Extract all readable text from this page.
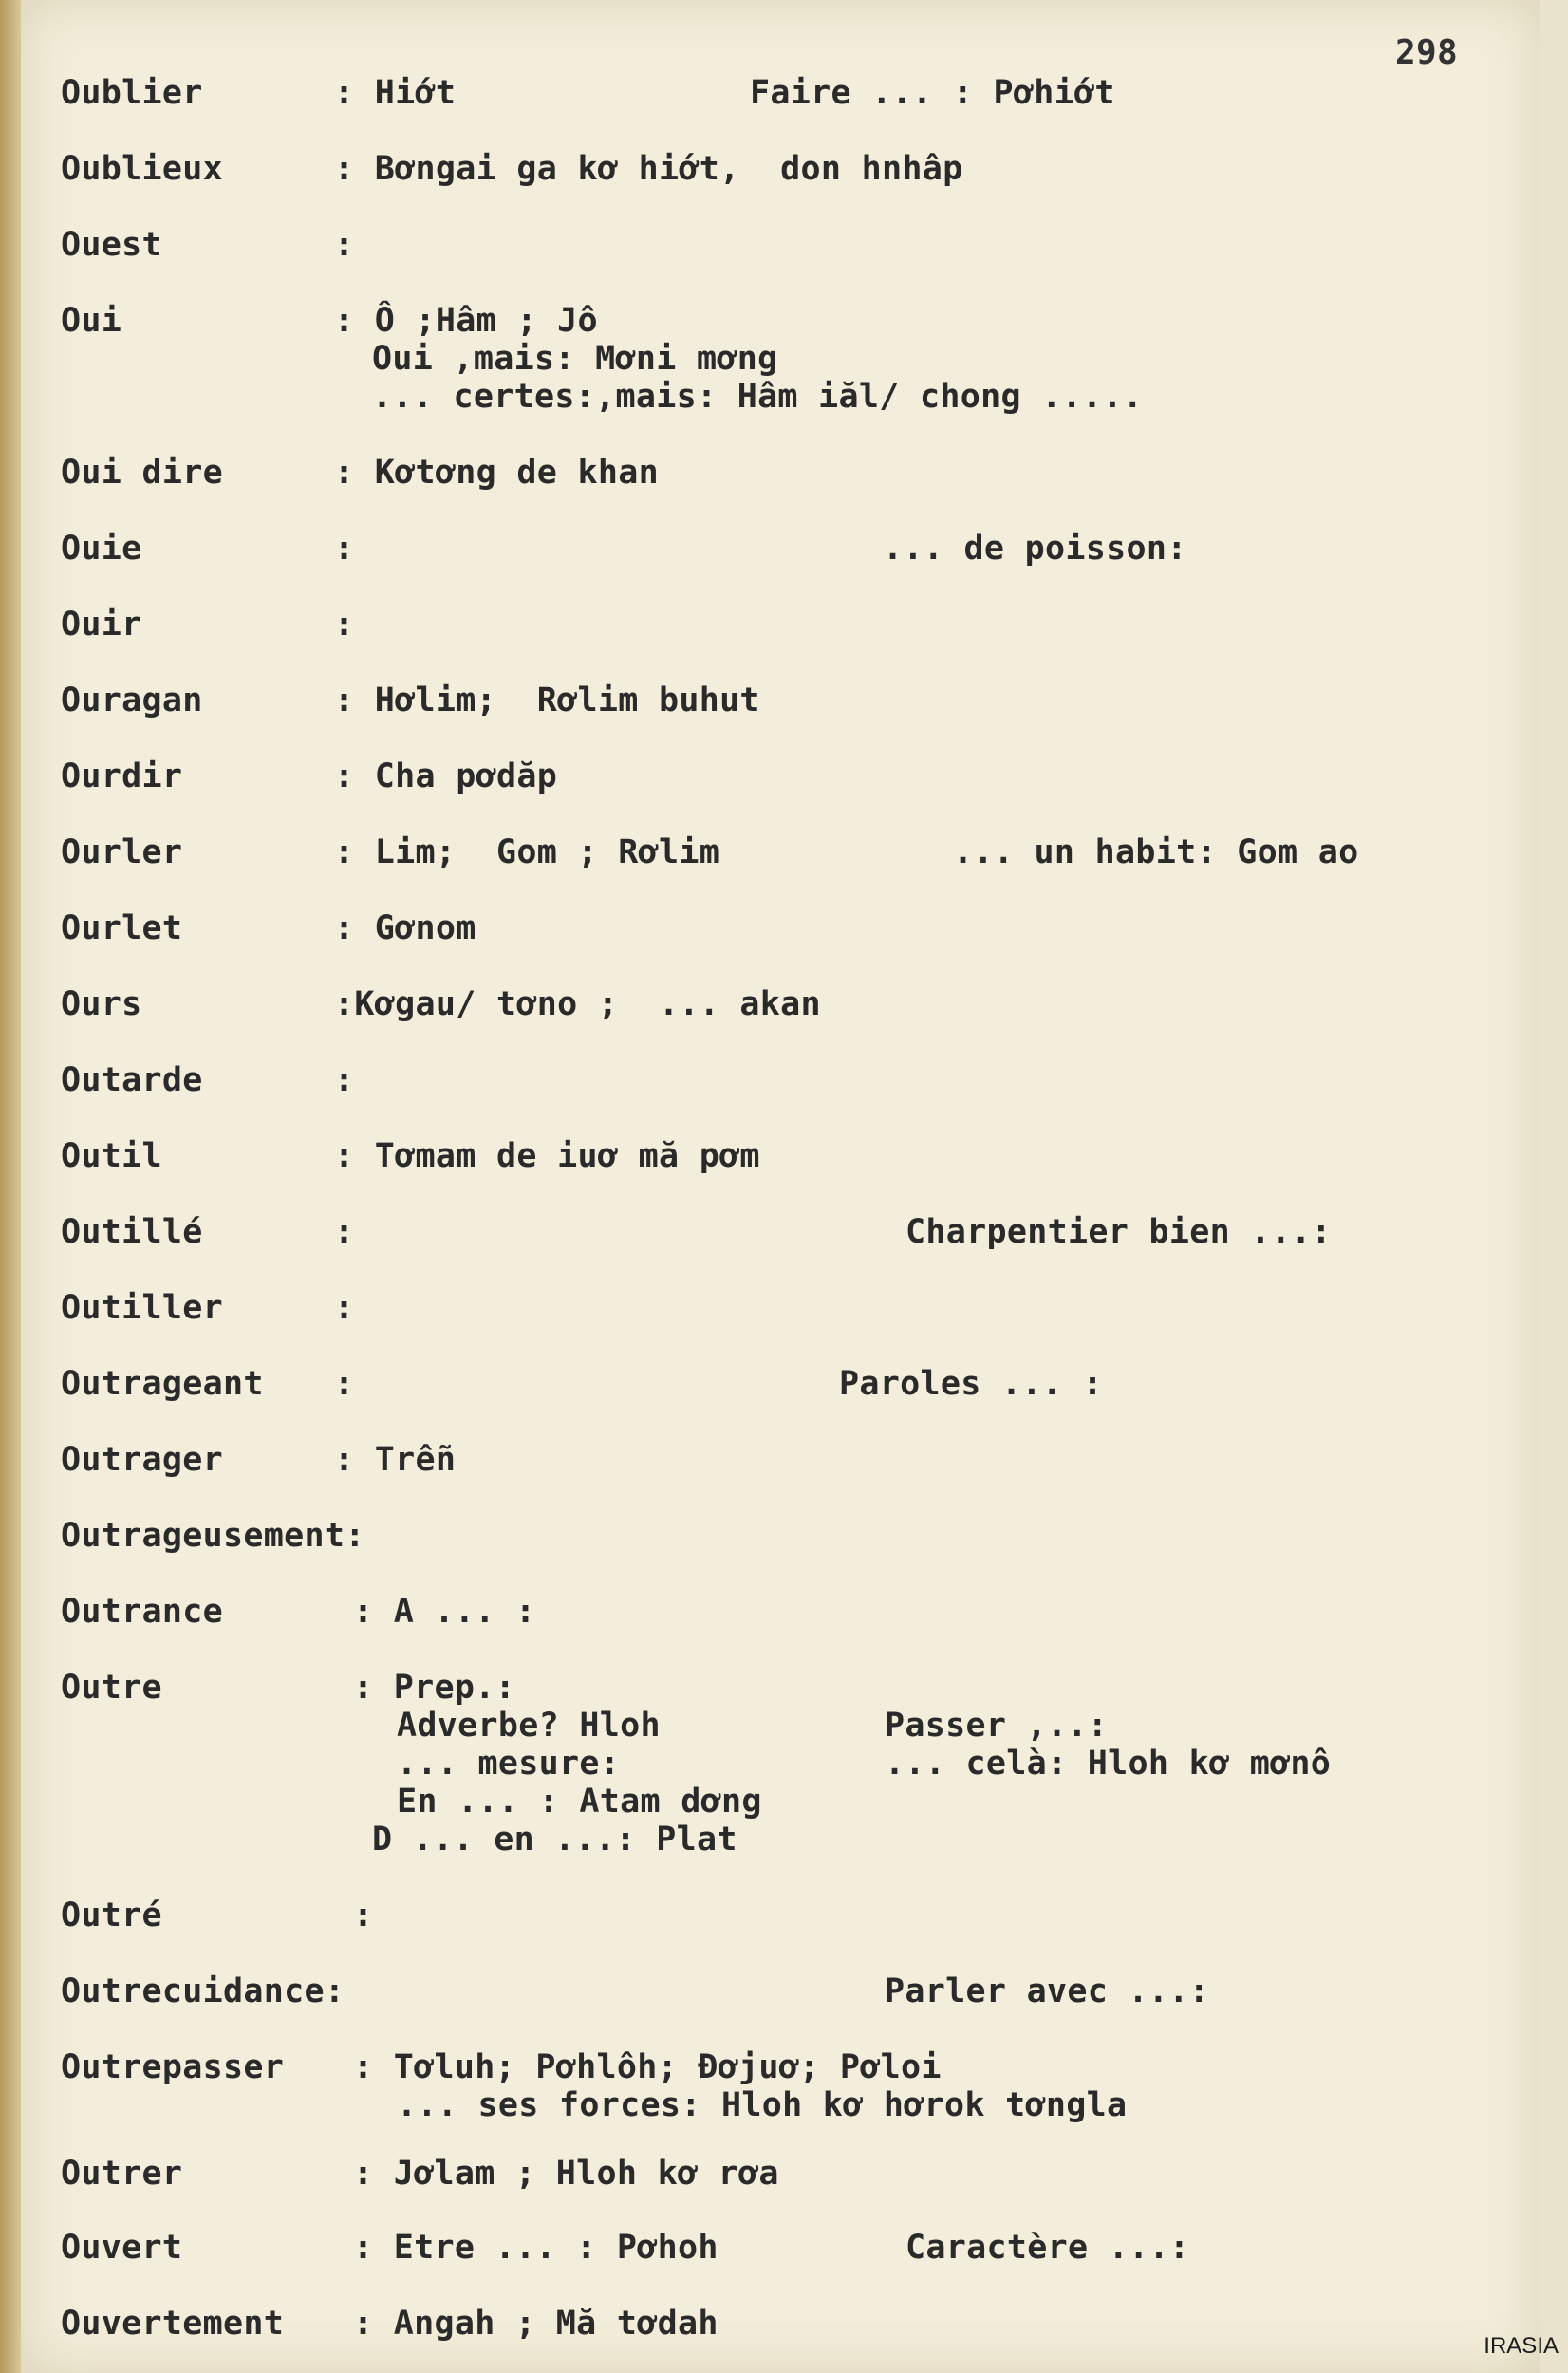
298
Oublier	: Hiớt	Faire ... : Pơhiớt
Oublieux	: Bơngai ga kơ hiớt,  don hnhâp
Ouest	:
Oui	: Ô ;Hâm ; Jô
Oui ,mais: Mơni mơng
... certes:,mais: Hâm iăl/ chong .....
Oui dire	: Kơtơng de khan
Ouie	:	... de poisson:
Ouir	:
Ouragan	: Hơlim;  Rơlim buhut
Ourdir	: Cha pơdăp
Ourler	: Lim;  Gom ; Rơlim	... un habit: Gom ao
Ourlet	: Gơnom
Ours	:Kơgau/ tơno ;  ... akan
Outarde	:
Outil	: Tơmam de iuơ mă pơm
Outillé	:	Charpentier bien ...:
Outiller	:
Outrageant :	Paroles ... :
Outrager	: Trễn
Outrageusement:
Outrance	: A ... :
Outre	: Prep.:
Adverbe? Hloh	Passer ,..:
... mesure:	... celà: Hloh kơ mơnô
En ... : Atam dơng
D ... en ...: Plat
Outré	:
Outrecuidance:	Parler avec ...:
Outrepasser : Tơluh; Pơhlôh; Đơjuơ; Pơloi
... ses forces: Hloh kơ hơrok tơngla
Outrer	: Jơlam ; Hloh kơ rơa
Ouvert	: Etre ... : Pơhoh	Caractère ...:
Ouvertement : Angah ; Mă tơdah
IRASIA
